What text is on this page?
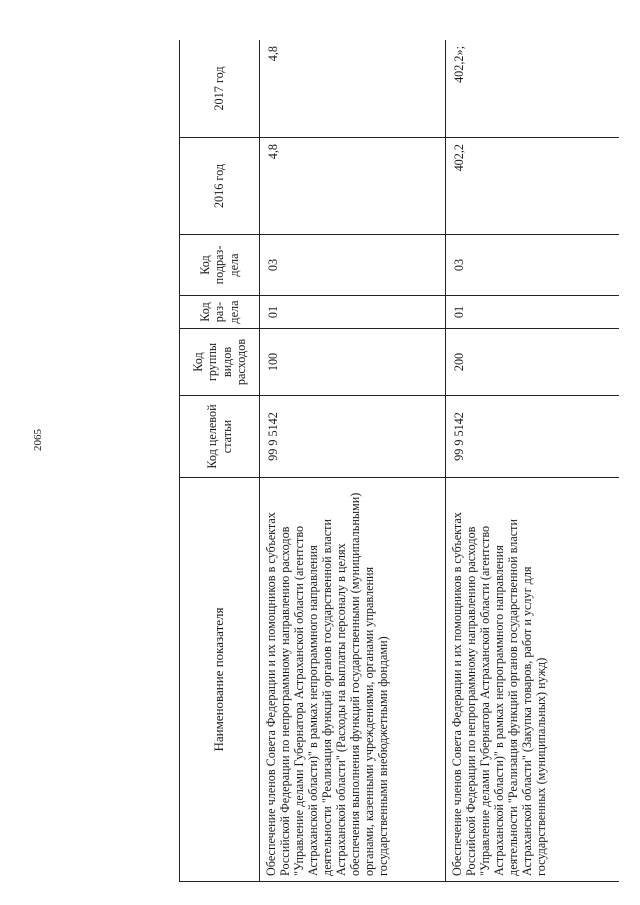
2065
Наименование показателя	Код целевой статьи	Код группы видов расходов	Код раз-дела	Код подраз-дела	2016 год	2017 год
Обеспечение членов Совета Федерации и их помощников в субъектах Российской Федерации по непрограммному направлению расходов "Управление делами Губернатора Астраханской области (агентство Астраханской области)" в рамках непрограммного направления деятельности "Реализация функций органов государственной власти Астраханской области" (Расходы на выплаты персоналу в целях обеспечения выполнения функций государственными (муниципальными) органами, казенными учреждениями, органами управления государственными внебюджетными фондами)	99 9 5142	100	01	03	4,8	4,8
Обеспечение членов Совета Федерации и их помощников в субъектах Российской Федерации по непрограммному направлению расходов "Управление делами Губернатора Астраханской области (агентство Астраханской области)" в рамках непрограммного направления деятельности "Реализация функций органов государственной власти Астраханской области" (Закупка товаров, работ и услуг для государственных (муниципальных) нужд)	99 9 5142	200	01	03	402,2	402,2»;
